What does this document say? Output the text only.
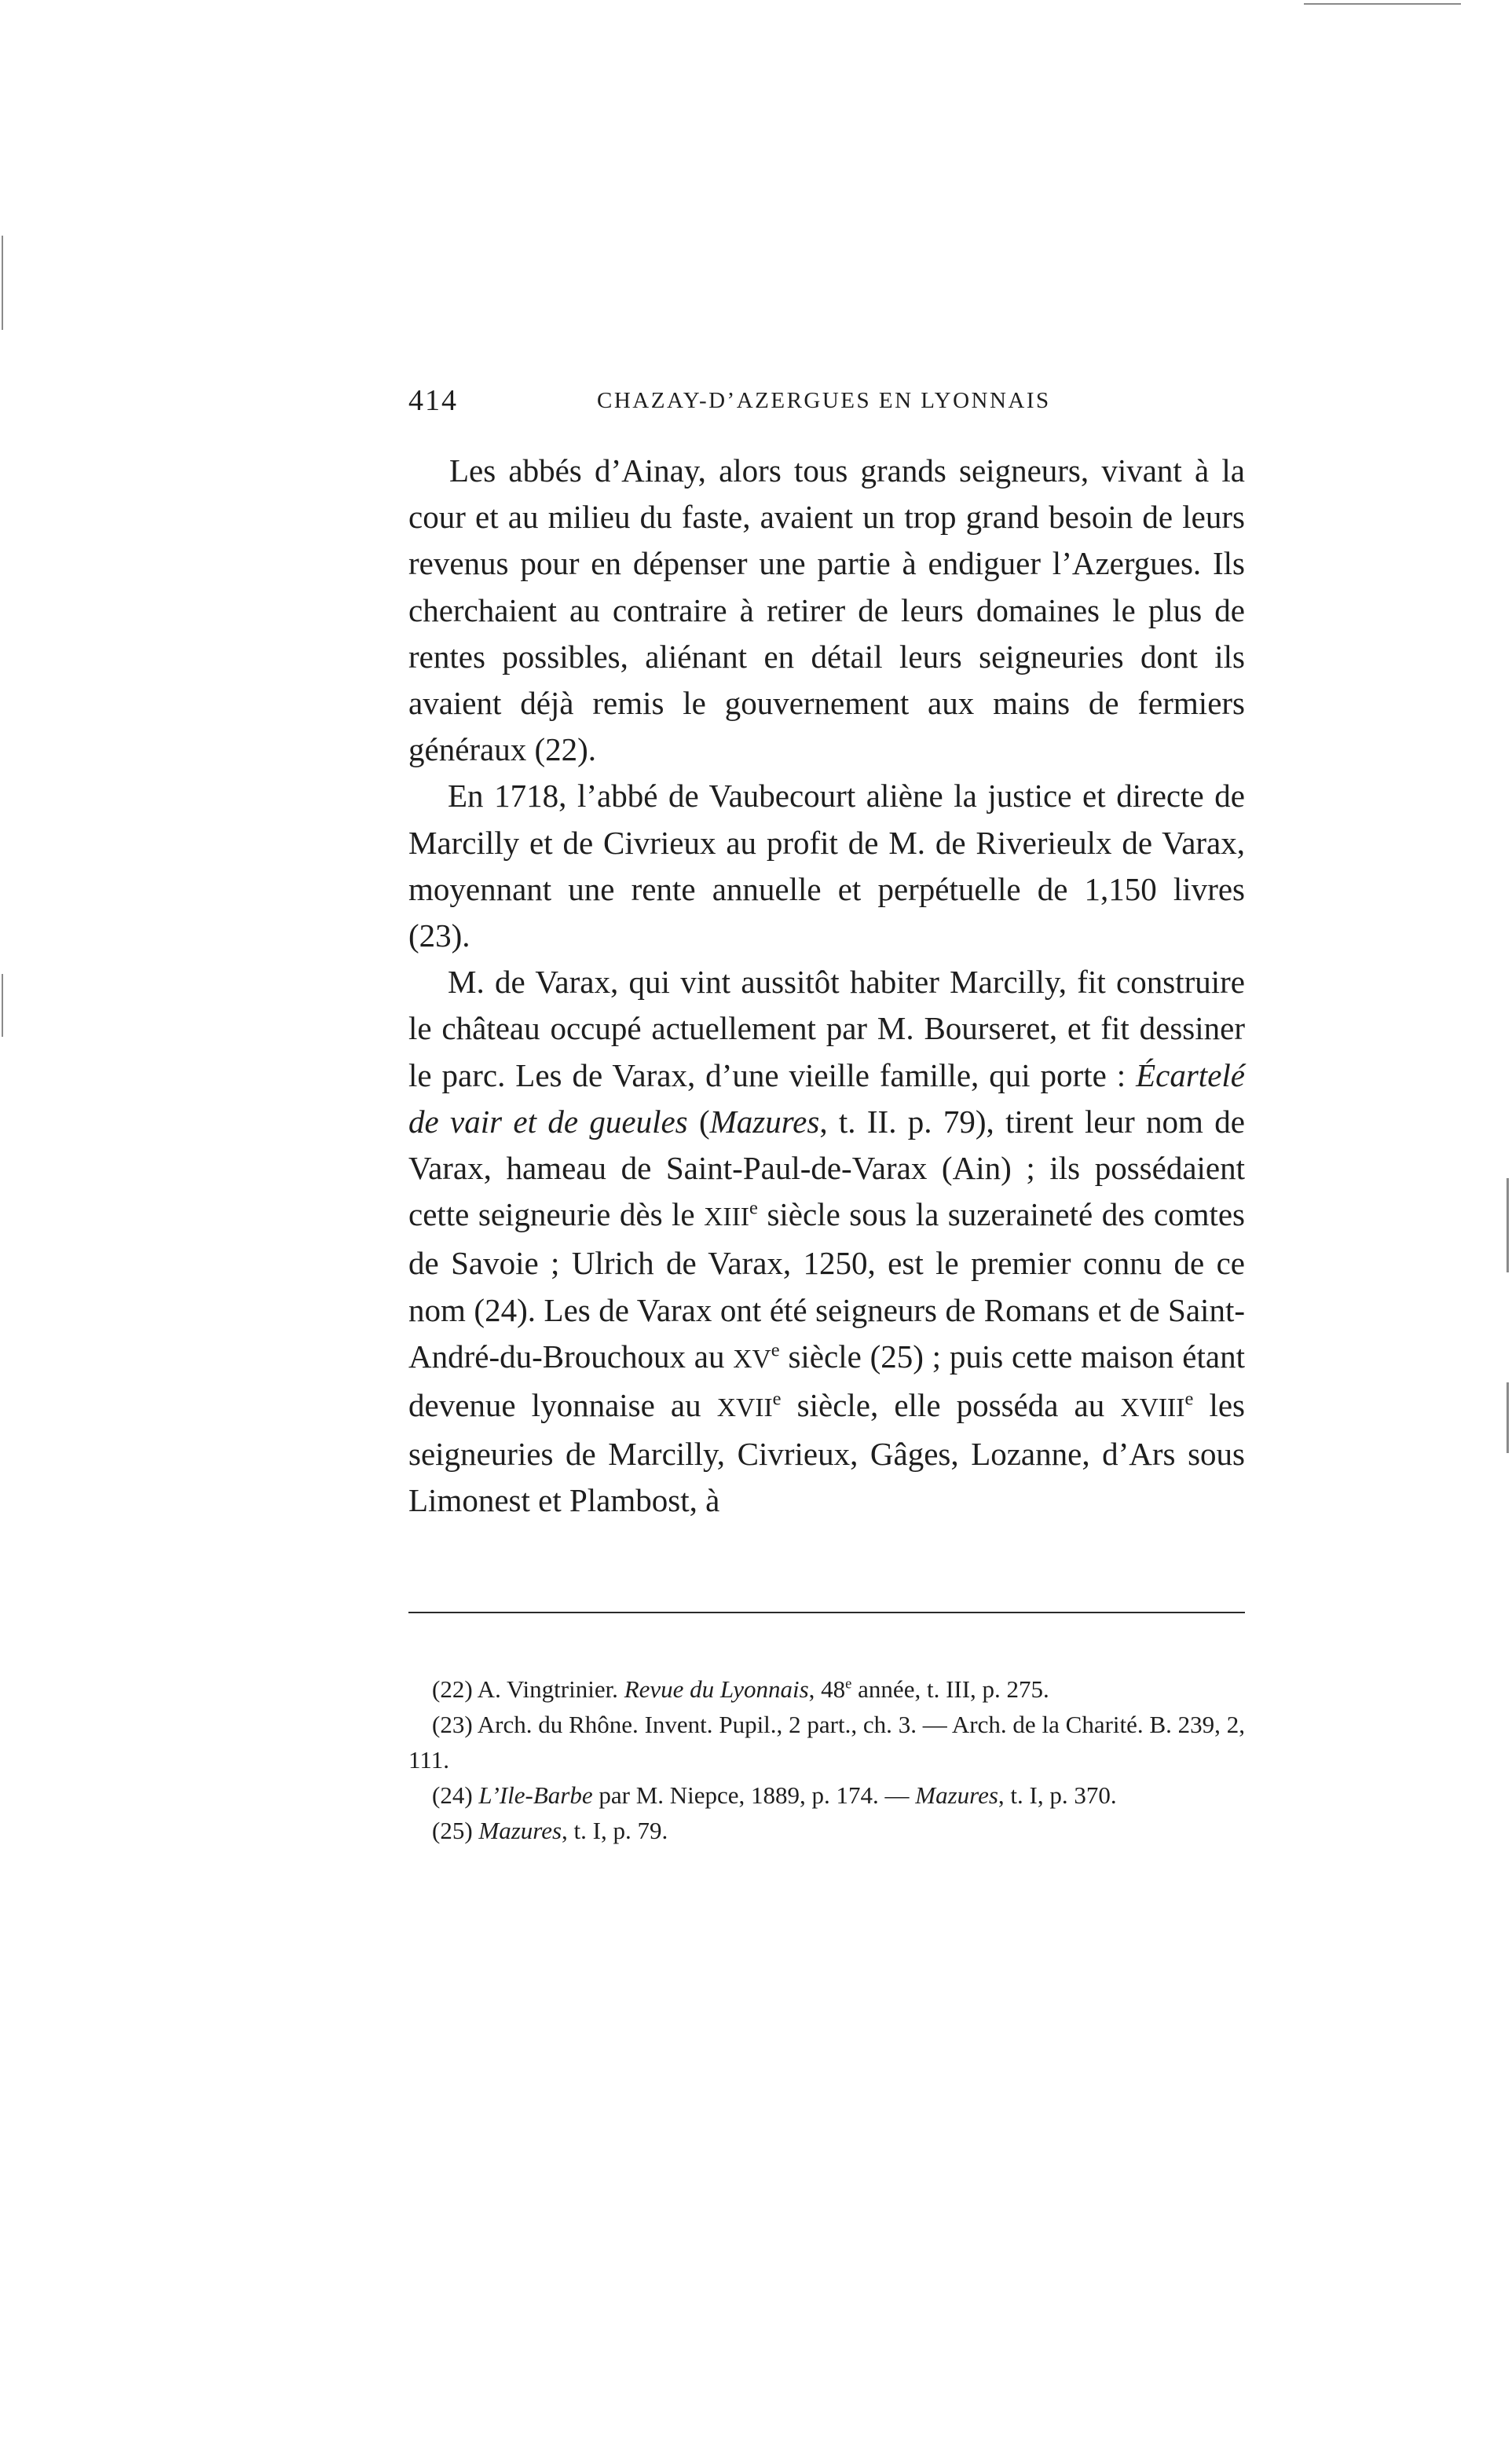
414	CHAZAY-D’AZERGUES EN LYONNAIS

Les abbés d’Ainay, alors tous grands seigneurs, vivant à la cour et au milieu du faste, avaient un trop grand besoin de leurs revenus pour en dépenser une partie à endiguer l’Azergues. Ils cherchaient au contraire à retirer de leurs domaines le plus de rentes possibles, aliénant en détail leurs seigneuries dont ils avaient déjà remis le gouvernement aux mains de fermiers généraux (22).

En 1718, l’abbé de Vaubecourt aliène la justice et directe de Marcilly et de Civrieux au profit de M. de Riverieulx de Varax, moyennant une rente annuelle et perpétuelle de 1,150 livres (23).

M. de Varax, qui vint aussitôt habiter Marcilly, fit construire le château occupé actuellement par M. Bourseret, et fit dessiner le parc. Les de Varax, d’une vieille famille, qui porte : Écartelé de vair et de gueules (Mazures, t. II. p. 79), tirent leur nom de Varax, hameau de Saint-Paul-de-Varax (Ain) ; ils possédaient cette seigneurie dès le XIIIe siècle sous la suzeraineté des comtes de Savoie ; Ulrich de Varax, 1250, est le premier connu de ce nom (24). Les de Varax ont été seigneurs de Romans et de Saint-André-du-Brouchoux au XVe siècle (25) ; puis cette maison étant devenue lyonnaise au XVIIe siècle, elle posséda au XVIIIe les seigneuries de Marcilly, Civrieux, Gâges, Lozanne, d’Ars sous Limonest et Plambost, à

(22) A. Vingtrinier. Revue du Lyonnais, 48e année, t. III, p. 275.

(23) Arch. du Rhône. Invent. Pupil., 2 part., ch. 3. — Arch. de la Charité. B. 239, 2, 111.

(24) L’Ile-Barbe par M. Niepce, 1889, p. 174. — Mazures, t. I, p. 370.

(25) Mazures, t. I, p. 79.
